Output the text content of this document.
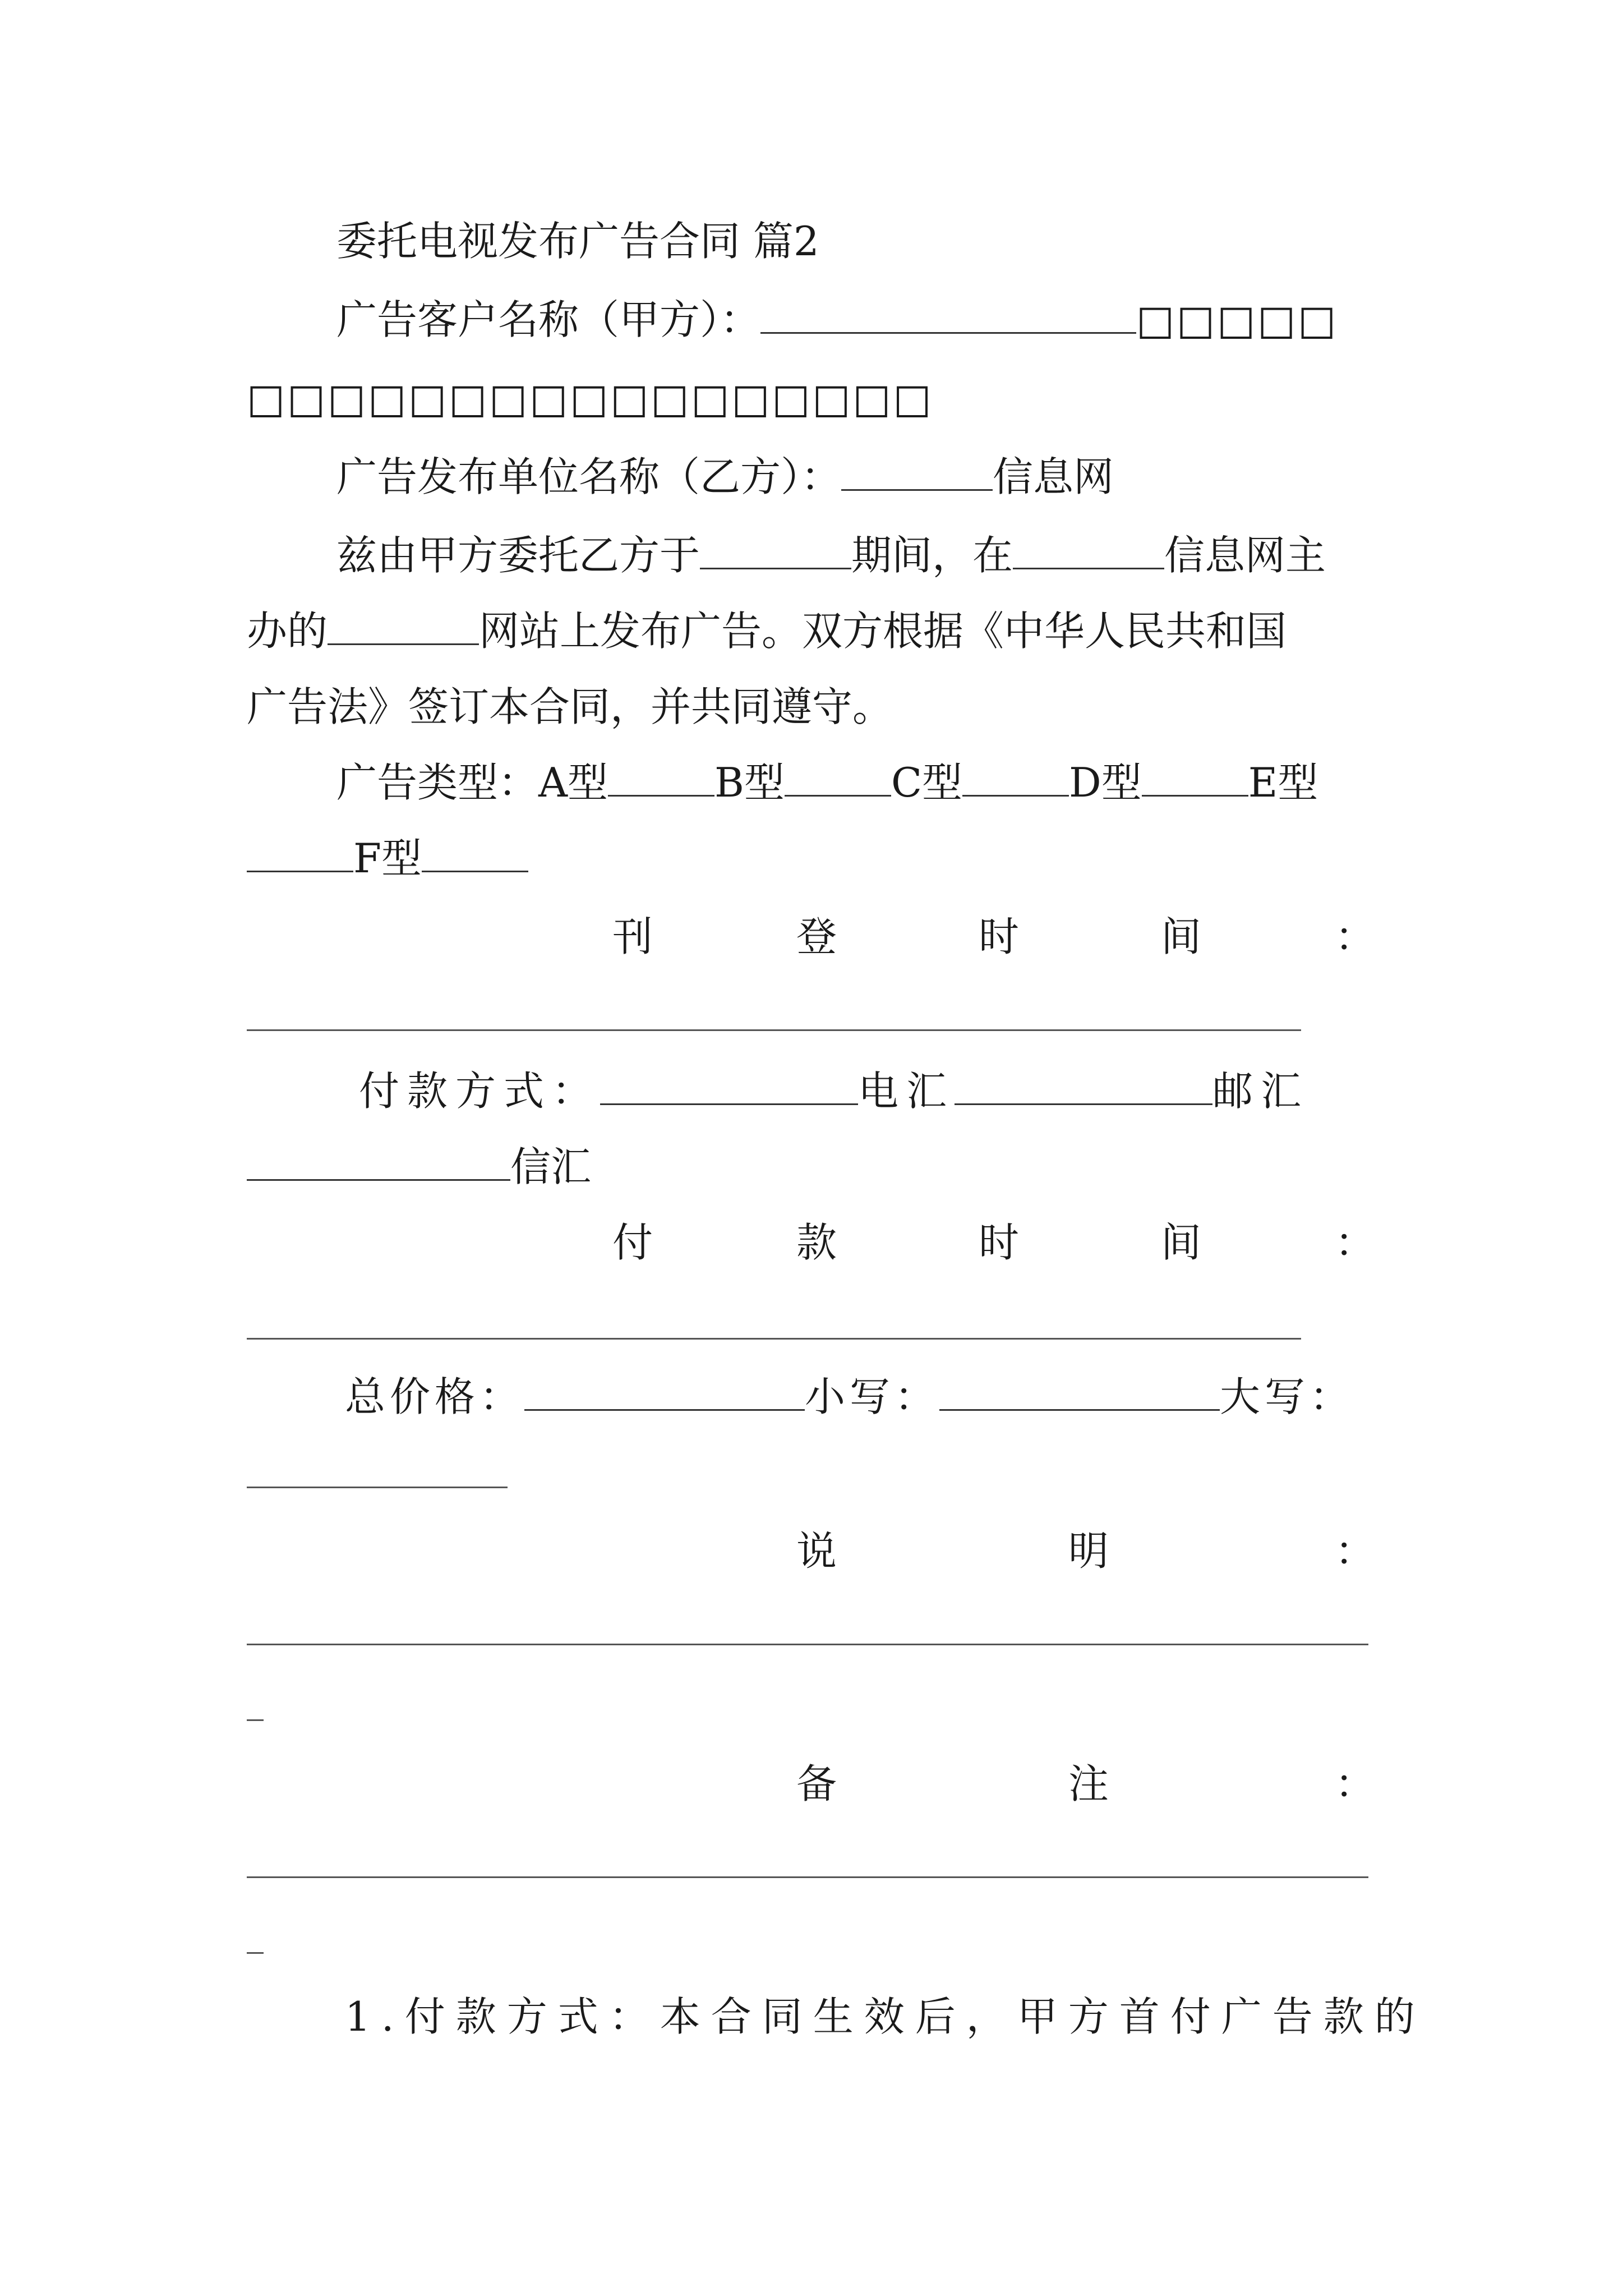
委托电视发布广告合同 篇2
广告客户名称（甲方）：	□□□□□
□□□□□□□□□□□□□□□□□
广告发布单位名称（乙方）：	信息网
兹由甲方委托乙方于	期间，在	信息网主
办的	网站上发布广告。双方根据《中华人民共和国
广告法》签订本合同，并共同遵守。
广告类型：A型	B型	C型	D型	E型
F型
刊	登	时	间	：
付款方式：	电汇	邮汇
信汇
付	款	时	间	：
总价格：	小写：	大写：
说	明	：
备	注	：
1.付款方式：本合同生效后，甲方首付广告款的
